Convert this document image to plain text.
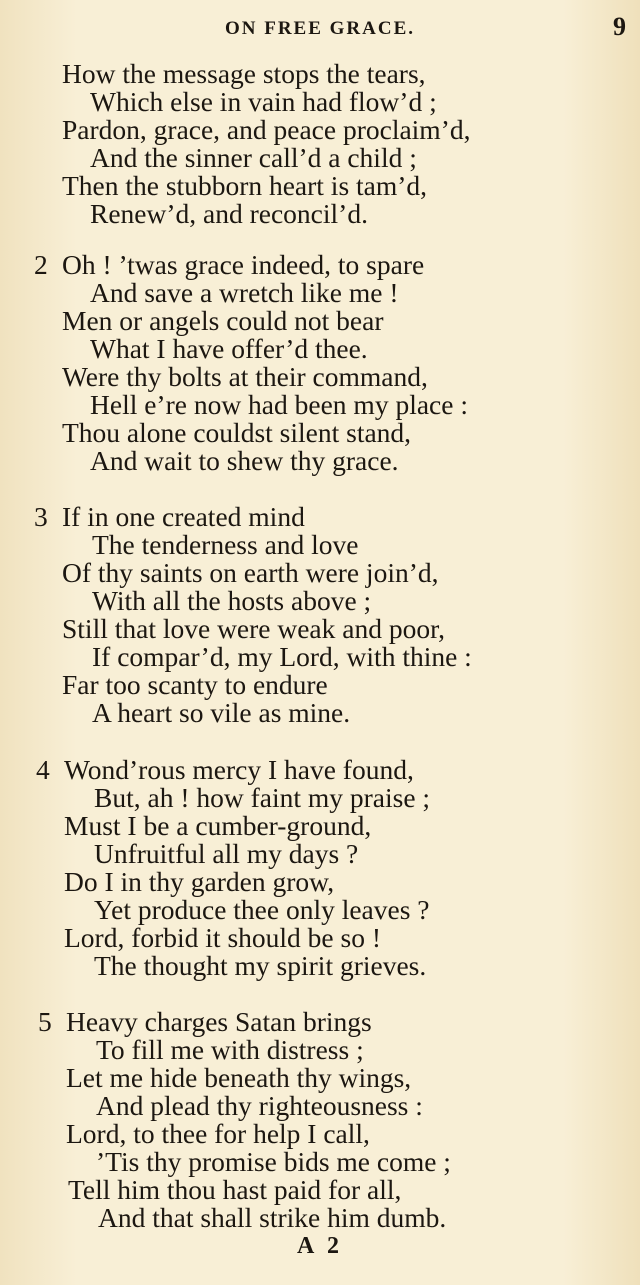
ON FREE GRACE.	9
How the message stops the tears,
Which else in vain had flow’d ;
Pardon, grace, and peace proclaim’d,
And the sinner call’d a child ;
Then the stubborn heart is tam’d,
Renew’d, and reconcil’d.
2 Oh ! ’twas grace indeed, to spare
And save a wretch like me !
Men or angels could not bear
What I have offer’d thee.
Were thy bolts at their command,
Hell e’re now had been my place :
Thou alone couldst silent stand,
And wait to shew thy grace.
3 If in one created mind
The tenderness and love
Of thy saints on earth were join’d,
With all the hosts above ;
Still that love were weak and poor,
If compar’d, my Lord, with thine :
Far too scanty to endure
A heart so vile as mine.
4 Wond’rous mercy I have found,
But, ah ! how faint my praise ;
Must I be a cumber-ground,
Unfruitful all my days ?
Do I in thy garden grow,
Yet produce thee only leaves ?
Lord, forbid it should be so !
The thought my spirit grieves.
5 Heavy charges Satan brings
To fill me with distress ;
Let me hide beneath thy wings,
And plead thy righteousness :
Lord, to thee for help I call,
’Tis thy promise bids me come ;
Tell him thou hast paid for all,
And that shall strike him dumb.
A 2
